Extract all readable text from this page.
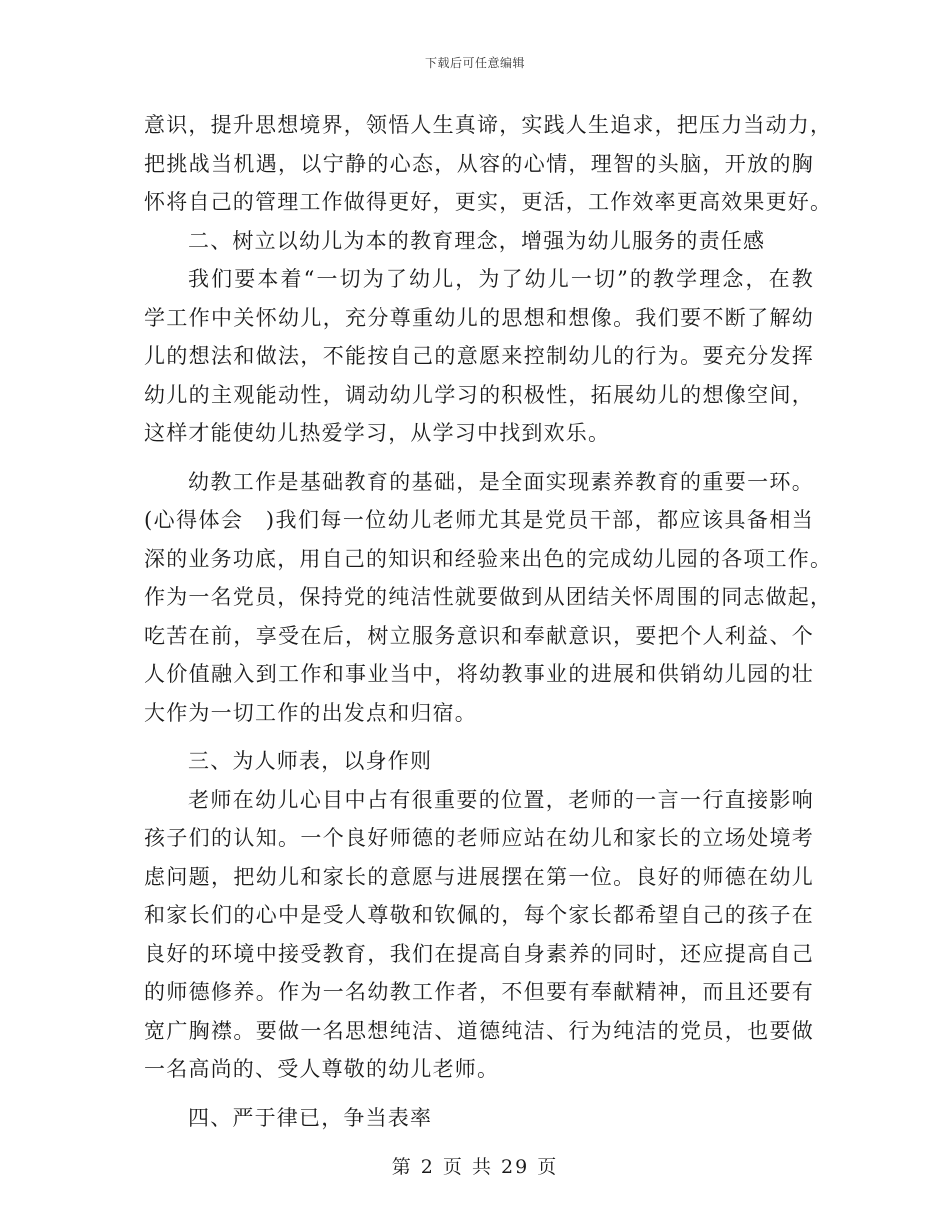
下载后可任意编辑
意识，提升思想境界，领悟人生真谛，实践人生追求，把压力当动力，
把挑战当机遇，以宁静的心态，从容的心情，理智的头脑，开放的胸
怀将自己的管理工作做得更好，更实，更活，工作效率更高效果更好。
二、树立以幼儿为本的教育理念，增强为幼儿服务的责任感
我们要本着“一切为了幼儿，为了幼儿一切”的教学理念，在教
学工作中关怀幼儿，充分尊重幼儿的思想和想像。我们要不断了解幼
儿的想法和做法，不能按自己的意愿来控制幼儿的行为。要充分发挥
幼儿的主观能动性，调动幼儿学习的积极性，拓展幼儿的想像空间，
这样才能使幼儿热爱学习，从学习中找到欢乐。
幼教工作是基础教育的基础，是全面实现素养教育的重要一环。
(心得体会　)我们每一位幼儿老师尤其是党员干部，都应该具备相当
深的业务功底，用自己的知识和经验来出色的完成幼儿园的各项工作。
作为一名党员，保持党的纯洁性就要做到从团结关怀周围的同志做起，
吃苦在前，享受在后，树立服务意识和奉献意识，要把个人利益、个
人价值融入到工作和事业当中，将幼教事业的进展和供销幼儿园的壮
大作为一切工作的出发点和归宿。
三、为人师表，以身作则
老师在幼儿心目中占有很重要的位置，老师的一言一行直接影响
孩子们的认知。一个良好师德的老师应站在幼儿和家长的立场处境考
虑问题，把幼儿和家长的意愿与进展摆在第一位。良好的师德在幼儿
和家长们的心中是受人尊敬和钦佩的，每个家长都希望自己的孩子在
良好的环境中接受教育，我们在提高自身素养的同时，还应提高自己
的师德修养。作为一名幼教工作者，不但要有奉献精神，而且还要有
宽广胸襟。要做一名思想纯洁、道德纯洁、行为纯洁的党员，也要做
一名高尚的、受人尊敬的幼儿老师。
四、严于律已，争当表率
第 2 页 共 29 页
